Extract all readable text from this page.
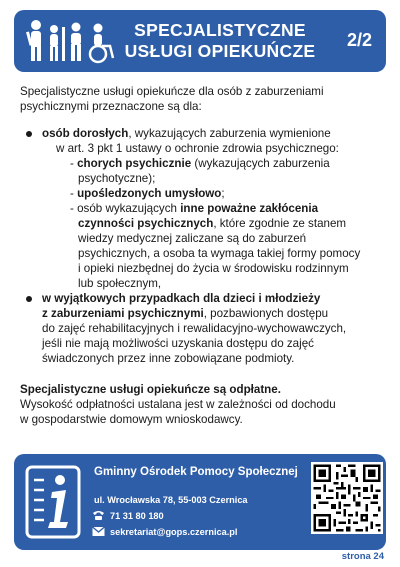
SPECJALISTYCZNE
USŁUGI OPIEKUŃCZE
2/2

Specjalistyczne usługi opiekuńcze dla osób z zaburzeniami
psychicznymi przeznaczone są dla:

osób dorosłych, wykazujących zaburzenia wymienione
w art. 3 pkt 1 ustawy o ochronie zdrowia psychicznego:
- chorych psychicznie (wykazujących zaburzenia
psychotyczne);
- upośledzonych umysłowo;
- osób wykazujących inne poważne zakłócenia
czynności psychicznych, które zgodnie ze stanem
wiedzy medycznej zaliczane są do zaburzeń
psychicznych, a osoba ta wymaga takiej formy pomocy
i opieki niezbędnej do życia w środowisku rodzinnym
lub społecznym,
w wyjątkowych przypadkach dla dzieci i młodzieży
z zaburzeniami psychicznymi, pozbawionych dostępu
do zajęć rehabilitacyjnych i rewalidacyjno-wychowawczych,
jeśli nie mają możliwości uzyskania dostępu do zajęć
świadczonych przez inne zobowiązane podmioty.

Specjalistyczne usługi opiekuńcze są odpłatne.
Wysokość odpłatności ustalana jest w zależności od dochodu
w gospodarstwie domowym wnioskodawcy.

Gminny Ośrodek Pomocy Społecznej
ul. Wrocławska 78, 55-003 Czernica
71 31 80 180
sekretariat@gops.czernica.pl
strona 24
